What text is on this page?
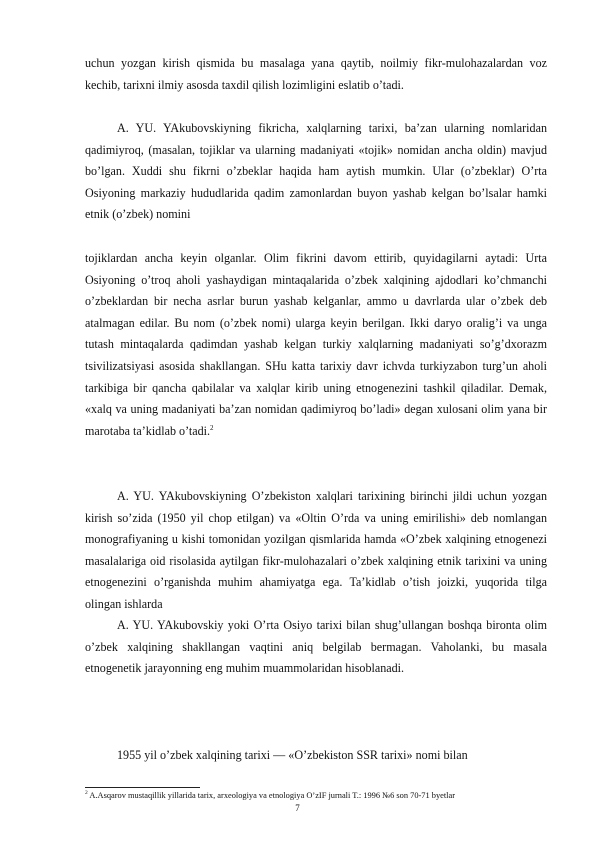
uchun yozgan kirish qismida bu masalaga yana qaytib, noilmiy fikr-mulohazalardan voz kechib, tarixni ilmiy asosda taxdil qilish lozimligini eslatib o’tadi.

A. YU. YAkubovskiyning fikricha, xalqlarning tarixi, ba’zan ularning nomlaridan qadimiyroq, (masalan, tojiklar va ularning madaniyati «tojik» nomidan ancha oldin) mavjud bo’lgan. Xuddi shu fikrni o’zbeklar haqida ham aytish mumkin. Ular (o’zbeklar) O’rta Osiyoning markaziy hududlarida qadim zamonlardan buyon yashab kelgan bo’lsalar hamki etnik (o’zbek) nomini

tojiklardan ancha keyin olganlar. Olim fikrini davom ettirib, quyidagilarni aytadi: Urta Osiyoning o’troq aholi yashaydigan mintaqalarida o’zbek xalqining ajdodlari ko’chmanchi o’zbeklardan bir necha asrlar burun yashab kelganlar, ammo u davrlarda ular o’zbek deb atalmagan edilar. Bu nom (o’zbek nomi) ularga keyin berilgan. Ikki daryo oralig’i va unga tutash mintaqalarda qadimdan yashab kelgan turkiy xalqlarning madaniyati so’g’dxorazm tsivilizatsiyasi asosida shakllangan. SHu katta tarixiy davr ichvda turkiyzabon turg’un aholi tarkibiga bir qancha qabilalar va xalqlar kirib uning etnogenezini tashkil qiladilar. Demak, «xalq va uning madaniyati ba’zan nomidan qadimiyroq bo’ladi» degan xulosani olim yana bir marotaba ta’kidlab o’tadi.$^2$

A. YU. YAkubovskiyning O’zbekiston xalqlari tarixining birinchi jildi uchun yozgan kirish so’zida (1950 yil chop etilgan) va «Oltin O’rda va uning emirilishi» deb nomlangan monografiyaning u kishi tomonidan yozilgan qismlarida hamda «O’zbek xalqining etnogenezi masalalariga oid risolasida aytilgan fikr-mulohazalari o’zbek xalqining etnik tarixini va uning etnogenezini o’rganishda muhim ahamiyatga ega. Ta’kidlab o’tish joizki, yuqorida tilga olingan ishlarda

A. YU. YAkubovskiy yoki O’rta Osiyo tarixi bilan shug’ullangan boshqa bironta olim o’zbek xalqining shakllangan vaqtini aniq belgilab bermagan. Vaholanki, bu masala etnogenetik jarayonning eng muhim muammolaridan hisoblanadi.

1955 yil o’zbek xalqining tarixi — «O’zbekiston SSR tarixi» nomi bilan

$^2$ A.Asqarov mustaqillik yillarida tarix, arxeologiya va etnologiya O’zIF jurnali T.: 1996 №6 son 70-71 byetlar
7
